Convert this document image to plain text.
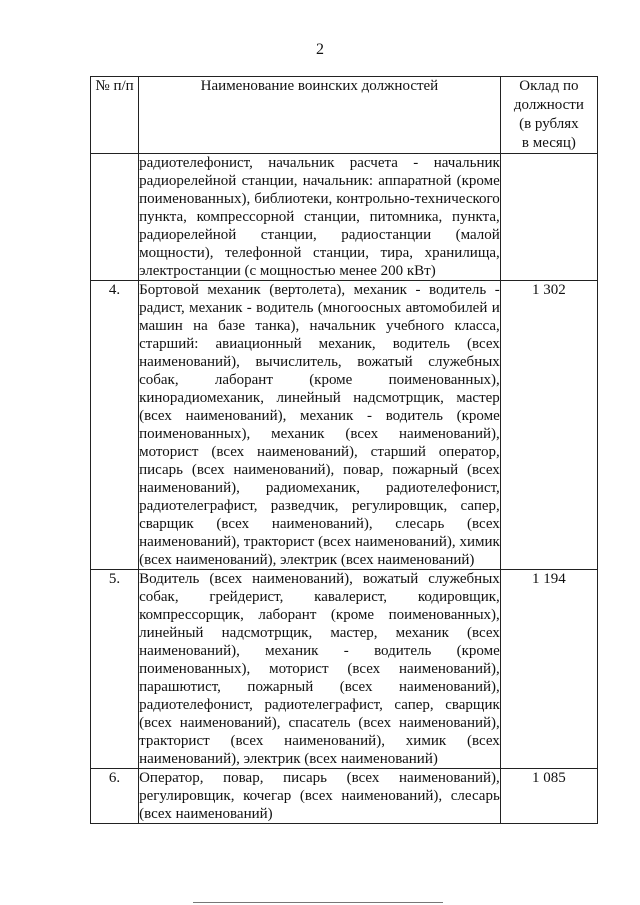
2
№ п/п	Наименование воинских должностей	Оклад по
должности
(в рублях
в месяц)
	радиотелефонист, начальник расчета - начальник радиорелейной станции, начальник: аппаратной (кроме поименованных), библиотеки, контрольно-технического пункта, компрессорной станции, питомника, пункта, радиорелейной станции, радиостанции (малой мощности), телефонной станции, тира, хранилища, электростанции (с мощностью менее 200 кВт)	
4.	Бортовой механик (вертолета), механик - водитель - радист, механик - водитель (многоосных автомобилей и машин на базе танка), начальник учебного класса, старший: авиационный механик, водитель (всех наименований), вычислитель, вожатый служебных собак, лаборант (кроме поименованных), кинорадиомеханик, линейный надсмотрщик, мастер (всех наименований), механик - водитель (кроме поименованных), механик (всех наименований), моторист (всех наименований), старший оператор, писарь (всех наименований), повар, пожарный (всех наименований), радиомеханик, радиотелефонист, радиотелеграфист, разведчик, регулировщик, сапер, сварщик (всех наименований), слесарь (всех наименований), тракторист (всех наименований), химик (всех наименований), электрик (всех наименований)	1 302
5.	Водитель (всех наименований), вожатый служебных собак, грейдерист, кавалерист, кодировщик, компрессорщик, лаборант (кроме поименованных), линейный надсмотрщик, мастер, механик (всех наименований), механик - водитель (кроме поименованных), моторист (всех наименований), парашютист, пожарный (всех наименований), радиотелефонист, радиотелеграфист, сапер, сварщик (всех наименований), спасатель (всех наименований), тракторист (всех наименований), химик (всех наименований), электрик (всех наименований)	1 194
6.	Оператор, повар, писарь (всех наименований), регулировщик, кочегар (всех наименований), слесарь (всех наименований)	1 085
